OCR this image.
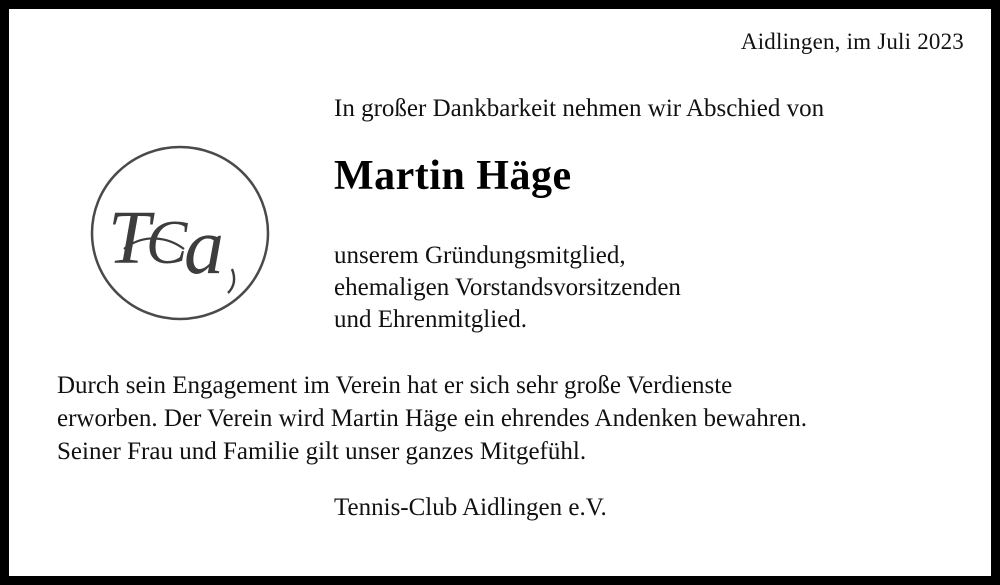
Aidlingen, im Juli 2023
T
C
a
In großer Dankbarkeit nehmen wir Abschied von
Martin Häge
unserem Gründungsmitglied,
ehemaligen Vorstandsvorsitzenden
und Ehrenmitglied.
Durch sein Engagement im Verein hat er sich sehr große Verdienste
erworben. Der Verein wird Martin Häge ein ehrendes Andenken bewahren.
Seiner Frau und Familie gilt unser ganzes Mitgefühl.
Tennis-Club Aidlingen e.V.
